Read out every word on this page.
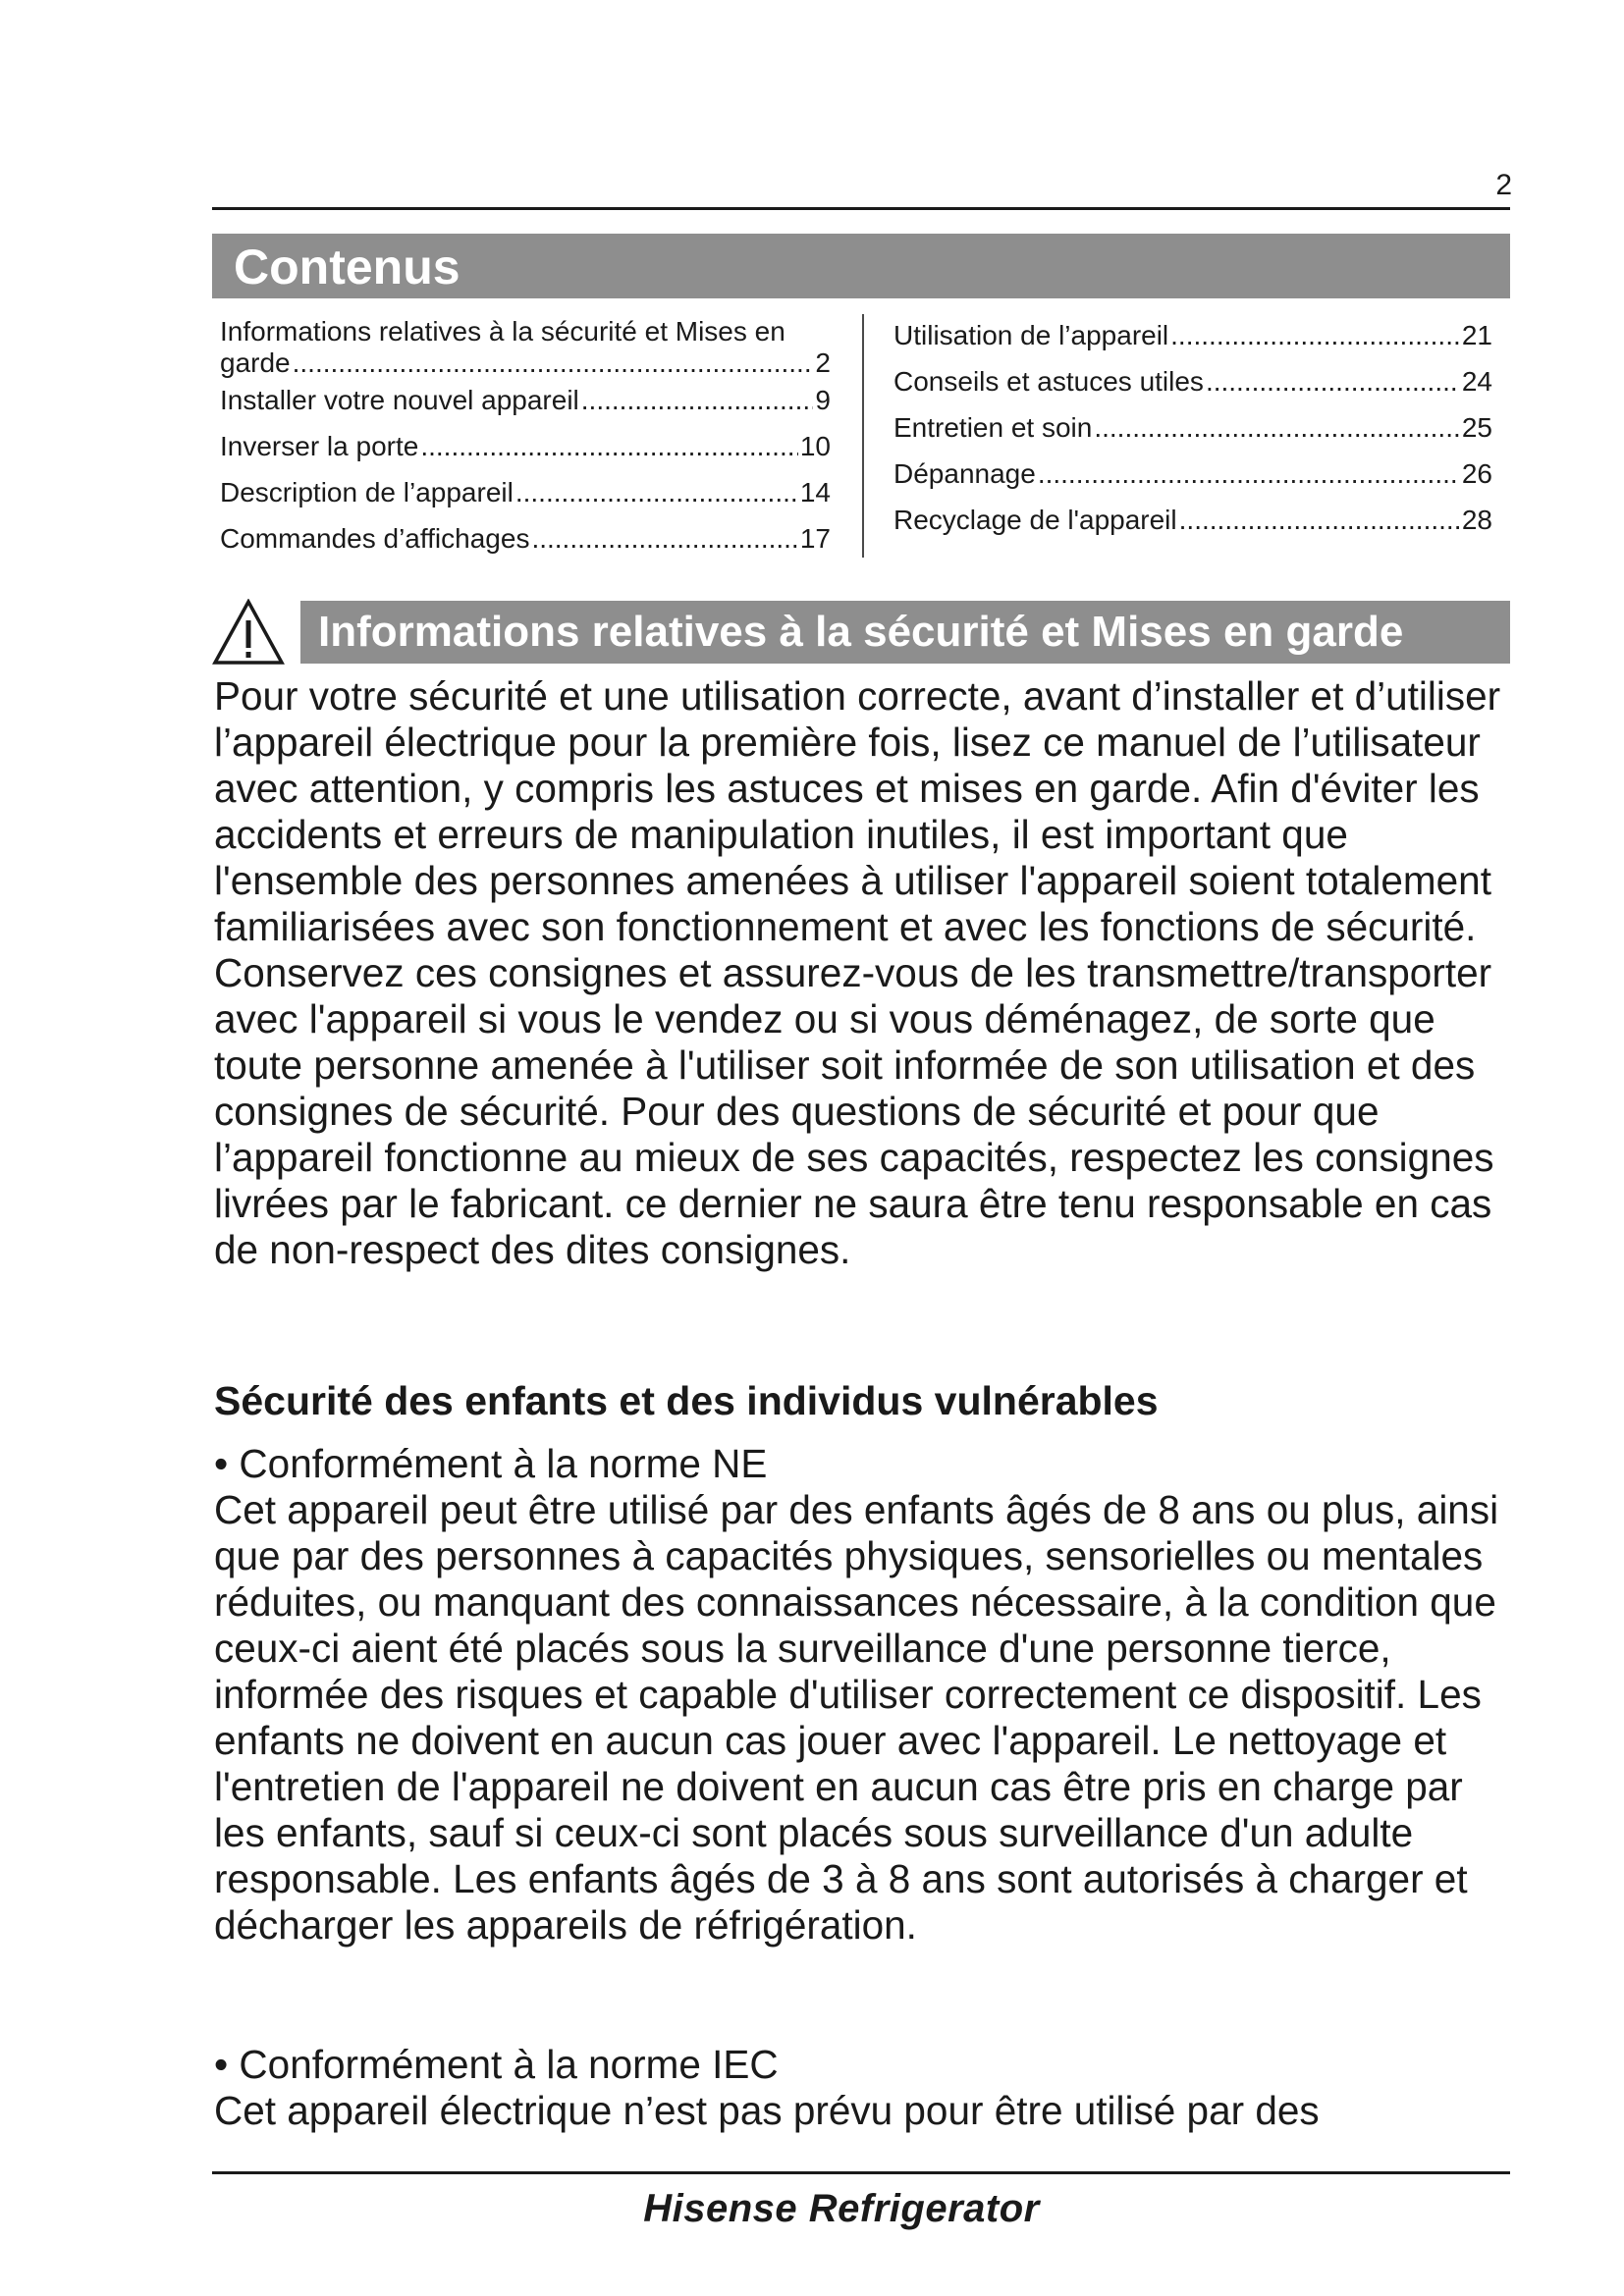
2
Contenus
Informations relatives à la sécurité et Mises en
garde .....	2
Installer votre nouvel appareil .....	9
Inverser la porte .....	10
Description de l’appareil .....	14
Commandes d’affichages .....	17
Utilisation de l’appareil .....	21
Conseils et astuces utiles .....	24
Entretien et soin .....	25
Dépannage .....	26
Recyclage de l'appareil .....	28
Informations relatives à la sécurité et Mises en garde
Pour votre sécurité et une utilisation correcte, avant d’installer et d’utiliser l’appareil électrique pour la première fois, lisez ce manuel de l’utilisateur avec attention, y compris les astuces et mises en garde. Afin d'éviter les accidents et erreurs de manipulation inutiles, il est important que l'ensemble des personnes amenées à utiliser l'appareil soient totalement familiarisées avec son fonctionnement et avec les fonctions de sécurité. Conservez ces consignes et assurez-vous de les transmettre/transporter avec l'appareil si vous le vendez ou si vous déménagez, de sorte que toute personne amenée à l'utiliser soit informée de son utilisation et des consignes de sécurité. Pour des questions de sécurité et pour que l’appareil fonctionne au mieux de ses capacités, respectez les consignes livrées par le fabricant. ce dernier ne saura être tenu responsable en cas de non-respect des dites consignes.
Sécurité des enfants et des individus vulnérables
• Conformément à la norme NE
Cet appareil peut être utilisé par des enfants âgés de 8 ans ou plus, ainsi que par des personnes à capacités physiques, sensorielles ou mentales réduites, ou manquant des connaissances nécessaire, à la condition que ceux-ci aient été placés sous la surveillance d'une personne tierce, informée des risques et capable d'utiliser correctement ce dispositif. Les enfants ne doivent en aucun cas jouer avec l'appareil. Le nettoyage et l'entretien de l'appareil ne doivent en aucun cas être pris en charge par les enfants, sauf si ceux-ci sont placés sous surveillance d'un adulte responsable. Les enfants âgés de 3 à 8 ans sont autorisés à charger et décharger les appareils de réfrigération.
• Conformément à la norme IEC
Cet appareil électrique n’est pas prévu pour être utilisé par des
Hisense Refrigerator
